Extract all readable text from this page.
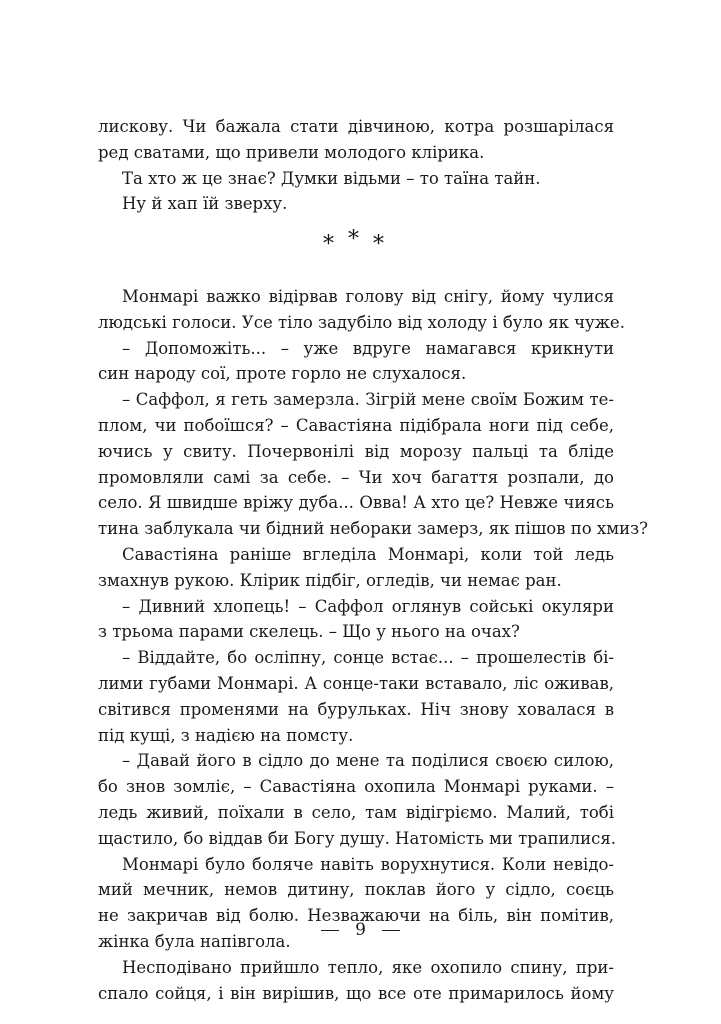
лискову. Чи бажала стати дівчиною, котра розшарілася
ред сватами, що привели молодого клірика.
Та хто ж це знає? Думки відьми – то таїна тайн.
Ну й хап їй зверху.
***
Монмарі важко відірвав голову від снігу, йому чулися
людські голоси. Усе тіло задубіло від холоду і було як чуже.
– Допоможіть... – уже вдруге намагався крикнути
син народу сої, проте горло не слухалося.
– Саффол, я геть замерзла. Зігрій мене своїм Божим те-
плом, чи побоїшся? – Савастіяна підібрала ноги під себе,
ючись у свиту. Почервонілі від морозу пальці та бліде
промовляли самі за себе. – Чи хоч багаття розпали, до
село. Я швидше вріжу дуба... Овва! А хто це? Невже чиясь
тина заблукала чи бідний небораки замерз, як пішов по хмиз?
Савастіяна раніше вгледіла Монмарі, коли той ледь
змахнув рукою. Клірик підбіг, огледів, чи немає ран.
– Дивний хлопець! – Саффол оглянув сойські окуляри
з трьома парами скелець. – Що у нього на очах?
– Віддайте, бо осліпну, сонце встає... – прошелестів бі-
лими губами Монмарі. А сонце-таки вставало, ліс оживав,
світився променями на бурульках. Ніч знову ховалася в
під кущі, з надією на помсту.
– Давай його в сідло до мене та поділися своєю силою,
бо знов зомліє, – Савастіяна охопила Монмарі руками. –
ледь живий, поїхали в село, там відігріємо. Малий, тобі
щастило, бо віддав би Богу душу. Натомість ми трапилися.
Монмарі було боляче навіть ворухнутися. Коли невідо-
мий мечник, немов дитину, поклав його у сідло, соєць
не закричав від болю. Незважаючи на біль, він помітив,
жінка була напівгола.
Несподівано прийшло тепло, яке охопило спину, при-
спало сойця, і він вирішив, що все оте примарилось йому
9
